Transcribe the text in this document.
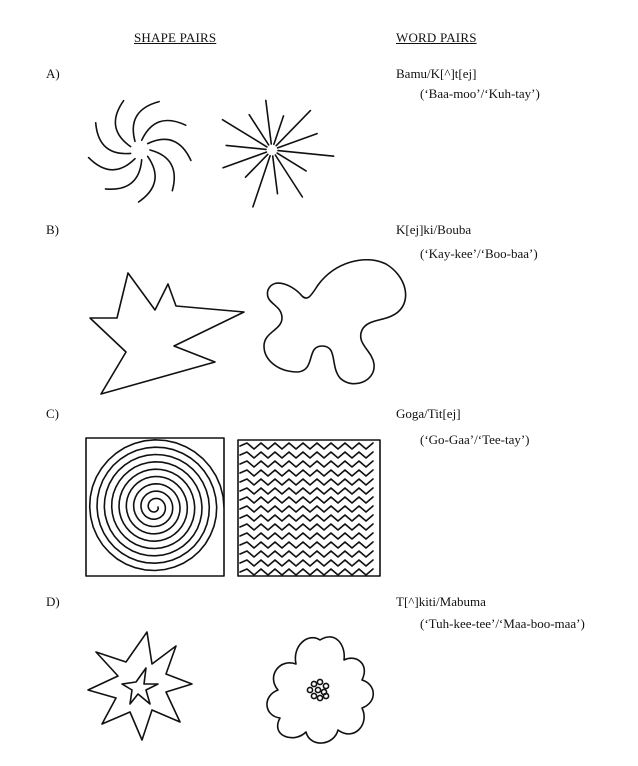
SHAPE PAIRS	WORD PAIRS
A)	Bamu/K[^]t[ej]
(‘Baa-moo’/‘Kuh-tay’)
B)	K[ej]ki/Bouba
(‘Kay-kee’/‘Boo-baa’)
C)	Goga/Tit[ej]
(‘Go-Gaa’/‘Tee-tay’)
D)	T[^]kiti/Mabuma
(‘Tuh-kee-tee’/‘Maa-boo-maa’)
